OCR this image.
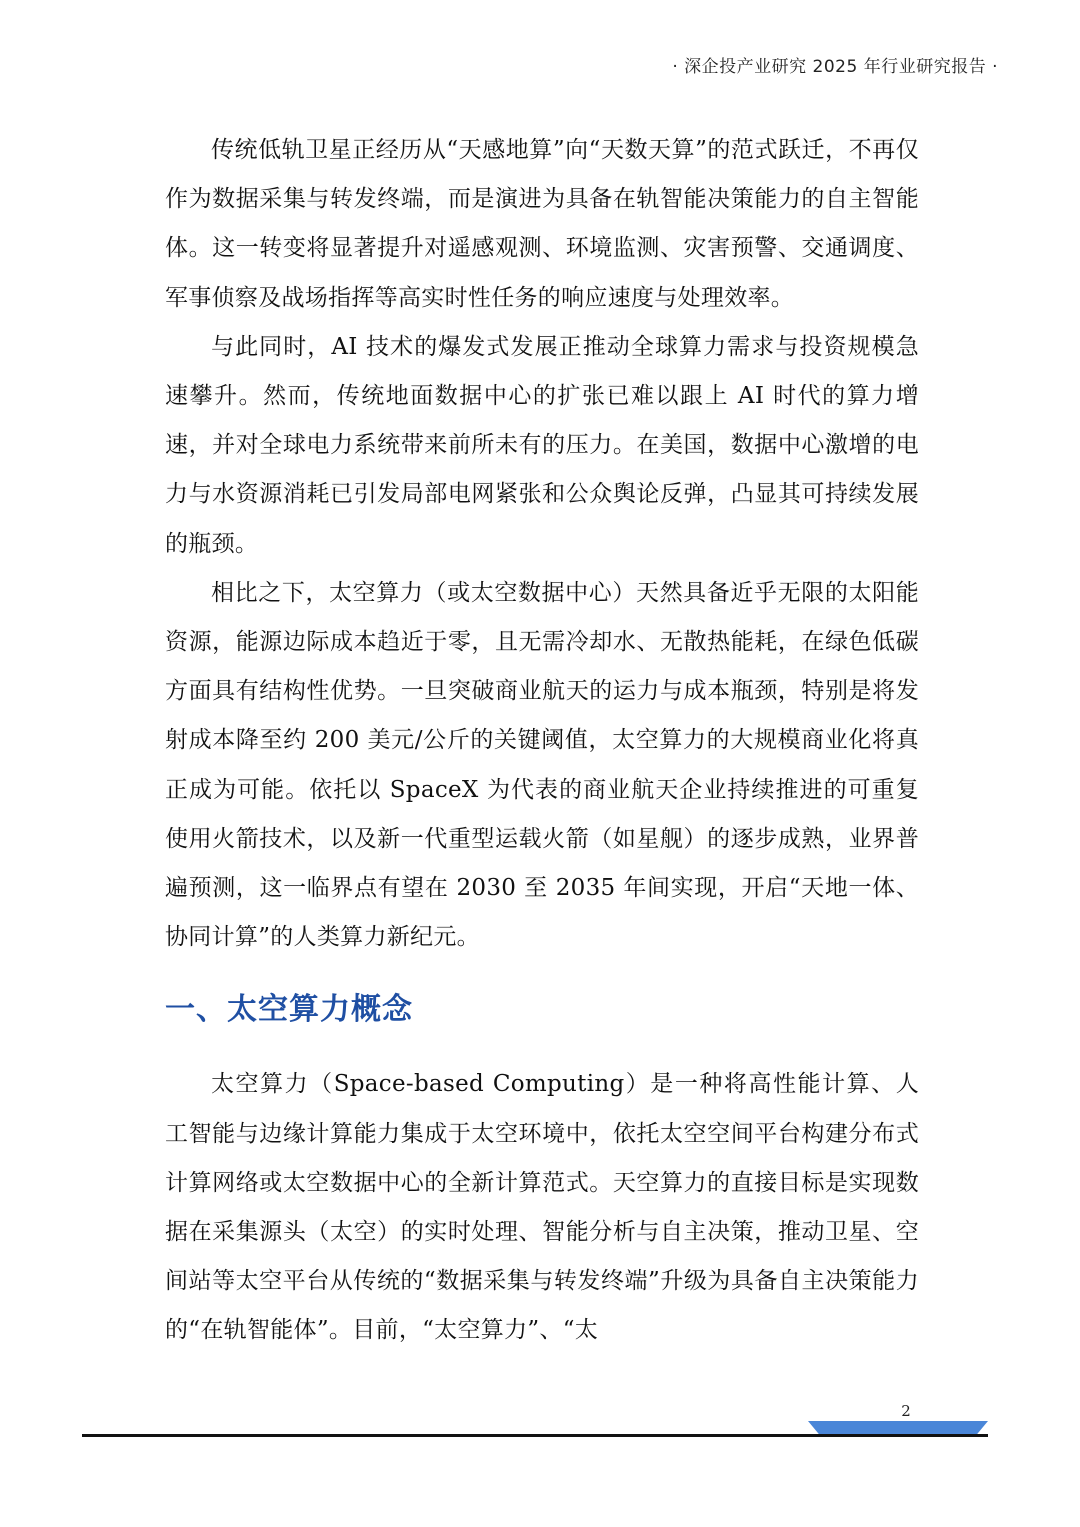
· 深企投产业研究 2025 年行业研究报告 ·

传统低轨卫星正经历从“天感地算”向“天数天算”的范式跃迁，不再仅作为数据采集与转发终端，而是演进为具备在轨智能决策能力的自主智能体。这一转变将显著提升对遥感观测、环境监测、灾害预警、交通调度、军事侦察及战场指挥等高实时性任务的响应速度与处理效率。

与此同时，AI 技术的爆发式发展正推动全球算力需求与投资规模急速攀升。然而，传统地面数据中心的扩张已难以跟上 AI 时代的算力增速，并对全球电力系统带来前所未有的压力。在美国，数据中心激增的电力与水资源消耗已引发局部电网紧张和公众舆论反弹，凸显其可持续发展的瓶颈。

相比之下，太空算力（或太空数据中心）天然具备近乎无限的太阳能资源，能源边际成本趋近于零，且无需冷却水、无散热能耗，在绿色低碳方面具有结构性优势。一旦突破商业航天的运力与成本瓶颈，特别是将发射成本降至约 200 美元/公斤的关键阈值，太空算力的大规模商业化将真正成为可能。依托以 SpaceX 为代表的商业航天企业持续推进的可重复使用火箭技术，以及新一代重型运载火箭（如星舰）的逐步成熟，业界普遍预测，这一临界点有望在 2030 至 2035 年间实现，开启“天地一体、协同计算”的人类算力新纪元。

一、太空算力概念

太空算力（Space-based Computing）是一种将高性能计算、人工智能与边缘计算能力集成于太空环境中，依托太空空间平台构建分布式计算网络或太空数据中心的全新计算范式。天空算力的直接目标是实现数据在采集源头（太空）的实时处理、智能分析与自主决策，推动卫星、空间站等太空平台从传统的“数据采集与转发终端”升级为具备自主决策能力的“在轨智能体”。目前，“太空算力”、“太

2
